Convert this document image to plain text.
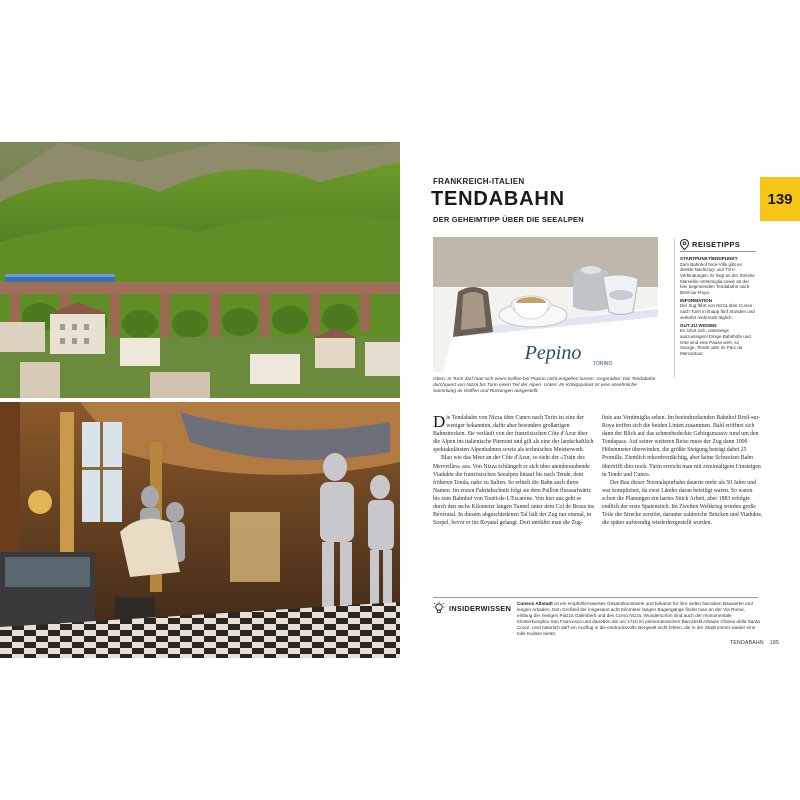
FRANKREICH-ITALIEN
TENDABAHN
DER GEHEIMTIPP ÜBER DIE SEEALPEN
139
Pepino TORINO
Oben: In Turin darf man sich einen Kaffee bei Pepino nicht entgehen lassen. Gegenüber: Die Tendabahn durchquert von Nizza bis Turin einen Teil der Alpen. Unten: Im Königspalast ist eine ansehnliche Sammlung an Waffen und Rüstungen ausgestellt.
REISETIPPS
STARTPUNKT/ENDPUNKT
Zum Bahnhof Nice-Ville gibt es direkte Nachtzug- und TGV-Verbindungen. Er liegt an der Strecke Marseille–Ventimiglia sowie an der hier beginnenden Tendabahn nach Breil-sur-Roya.
INFORMATION
Der Zug fährt von Nizza über Cuneo nach Turin in knapp fünf Stunden und verkehrt mehrmals täglich.
GUT ZU WISSEN
Es lohnt sich, unterwegs auszusteigen! Einige Bahnhöfe und Orte sind eine Pause wert, so Saorge, Tende oder im Parc du Mercantour.

Die Tendabahn von Nizza über Cuneo nach Turin ist eine der weniger bekannten, dafür aber besonders großartigen Bahnstrecken. Sie verläuft von der französischen Côte d'Azur über die Alpen ins italienische Piemont und gilt als eine der landschaftlich spektakulärsten Alpenbahnen sowie als technisches Meisterwerk.

Blau wie das Meer an der Côte d'Azur, so sieht der »Train des Merveilles« aus. Von Nizza schlängelt er sich über atemberaubende Viadukte die französischen Seealpen hinauf bis nach Tende, dem früheren Tenda, nahe zu Italien. So erhielt die Bahn auch ihren Namen. Im ersten Fahrtabschnitt folgt sie dem Paillon flussaufwärts bis zum Bahnhof von Touët-de-L'Escarène. Von hier aus geht es durch den sechs Kilometer langen Tunnel unter dem Col de Braus ins Bévératal. In diesem abgeschiedenen Tal hält der Zug nur einmal, in Sospel, bevor er ins Royatal gelangt. Dort umfährt man die Zug-

linie aus Ventimiglia sehen. Im beeindruckenden Bahnhof Breil-sur-Roya treffen sich die beiden Linien zusammen. Bald eröffnet sich dann der Blick auf das schneebedeckte Gebirgsmassiv rund um den Tendapass. Auf seiner weiteren Reise muss der Zug dann 1000 Höhenmeter überwinden, die größte Steigung beträgt dabei 25 Promille. Ziemlich rekordverdächtig, aber keine Schweizer Bahn übertrifft dies noch. Turin erreicht man mit zweimaligem Umsteigen in Tende und Cuneo.

Der Bau dieser Normalspurbahn dauerte mehr als 50 Jahre und war kompliziert, da zwei Länder daran beteiligt waren. So waren schon die Planungen ein hartes Stück Arbeit, aber 1883 erfolgte endlich der erste Spatenstich. Im Zweiten Weltkrieg wurden große Teile der Strecke zerstört, darunter zahlreiche Brücken und Viadukte, die später aufwendig wiederhergestellt wurden.

INSIDERWISSEN Cuneos Altstadt ist ein empfehlenswertes Gesamtkunstwerk und bekannt für ihre vielen barocken Bauwerke und langen Arkaden. Den Großteil der insgesamt acht Kilometer langen Bogengänge findet man an der Via Roma, entlang der riesigen Piazza Galimberti und des Corso Nizza. Wunderschön sind auch der monumentale Klosterkomplex San Francesco und daneben die um 1710 im piemontesischen Barockstil erbaute Chiesa della Santa Croce. Und natürlich darf ein Ausflug in die eindrucksvolle Bergwelt nicht fehlen, die in der Stadt immer wieder eine tolle Kulisse bietet.
TENDABAHN 185
